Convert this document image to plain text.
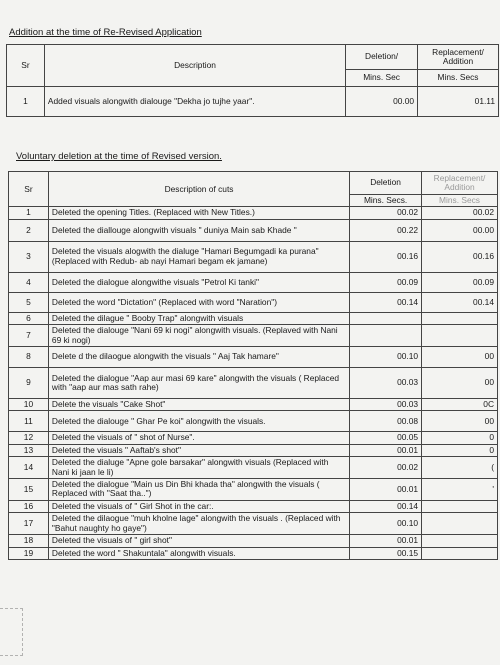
Addition at the time of Re-Revised Application
Sr	Description	Deletion/	Replacement/ Addition
		Mins. Sec	Mins. Secs
1	Added visuals alongwith dialouge "Dekha jo tujhe yaar".	00.00	01.11
Voluntary deletion at the time of Revised version.
Sr	Description of cuts	Deletion	Replacement/ Addition
		Mins. Secs.	Mins. Secs
1	Deleted the opening Titles. (Replaced with New Titles.)	00.02	00.02
2	Deleted the diallouge alongwith visuals " duniya Main sab Khade "	00.22	00.00
3	Deleted the visuals alogwith the dialuge "Hamari Begumgadi ka purana" (Replaced with Redub- ab nayi Hamari begam ek jamane)	00.16	00.16
4	Deleted the dialogue alongwithe visuals "Petrol Ki tanki"	00.09	00.09
5	Deleted the word "Dictation" (Replaced with word "Naration")	00.14	00.14
6	Deleted the dilague " Booby Trap" alongwith visuals		
7	Deleted the dialouge "Nani 69 ki nogi" alongwith visuals. (Replaved with Nani 69 ki nogi)		
8	Delete d the dilaogue alongwith the visuals " Aaj Tak hamare"	00.10	00
9	Deleted the dialogue "Aap aur masi 69 kare" alongwith the visuals ( Replaced with "aap aur mas sath rahe)	00.03	00
10	Delete the visuals "Cake Shot"	00.03	0C
11	Deleted the dialouge " Ghar Pe koi" alongwith the visuals.	00.08	00
12	Deleted the visuals of " shot of Nurse".	00.05	0
13	Deleted the visuals " Aaftab's shot"	00.01	0
14	Deleted the dialuge "Apne gole barsakar" alongwith visuals (Replaced with Nani ki jaan le li)	00.02	(
15	Deleted the dialogue "Main us Din Bhi khada tha" alongwith the visuals ( Replaced with "Saat tha..")	00.01	'
16	Deleted the visuals of " Girl Shot in the car:.	00.14	
17	Deleted the dilaogue "muh kholne lage" alongwith the visuals . (Replaced with "Bahut naughty ho gaye")	00.10	
18	Deleted the visuals of " girl shot"	00.01	
19	Deleted the word " Shakuntala" alongwith visuals.	00.15	
